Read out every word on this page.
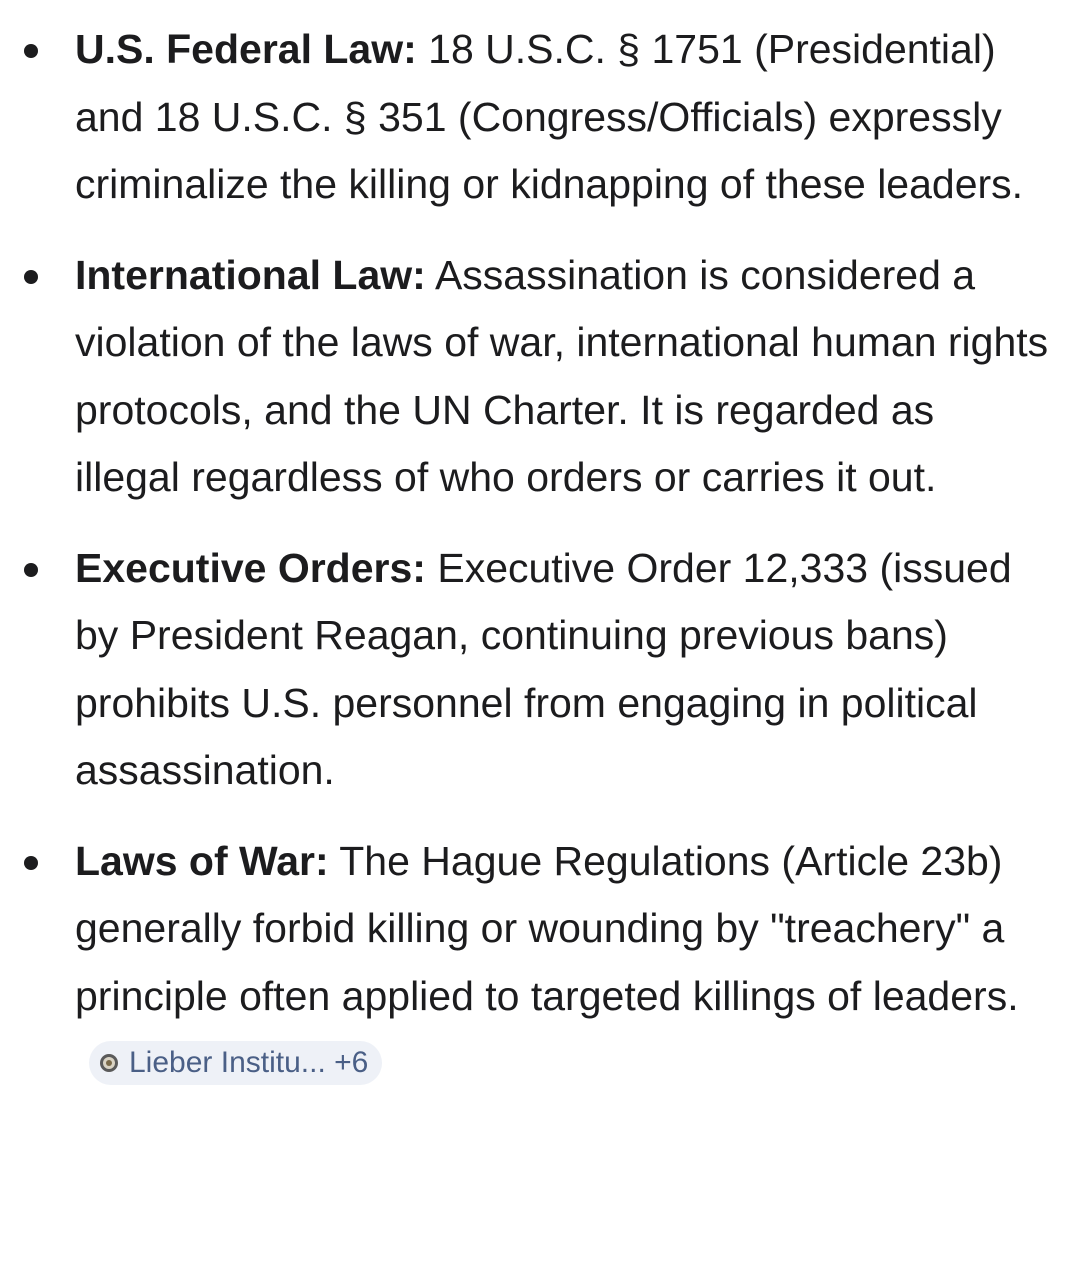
U.S. Federal Law: 18 U.S.C. § 1751 (Presidential) and 18 U.S.C. § 351 (Congress/Officials) expressly criminalize the killing or kidnapping of these leaders.
International Law: Assassination is considered a violation of the laws of war, international human rights protocols, and the UN Charter. It is regarded as illegal regardless of who orders or carries it out.
Executive Orders: Executive Order 12,333 (issued by President Reagan, continuing previous bans) prohibits U.S. personnel from engaging in political assassination.
Laws of War: The Hague Regulations (Article 23b) generally forbid killing or wounding by "treachery" a principle often applied to targeted killings of leaders.
Lieber Institu... +6
